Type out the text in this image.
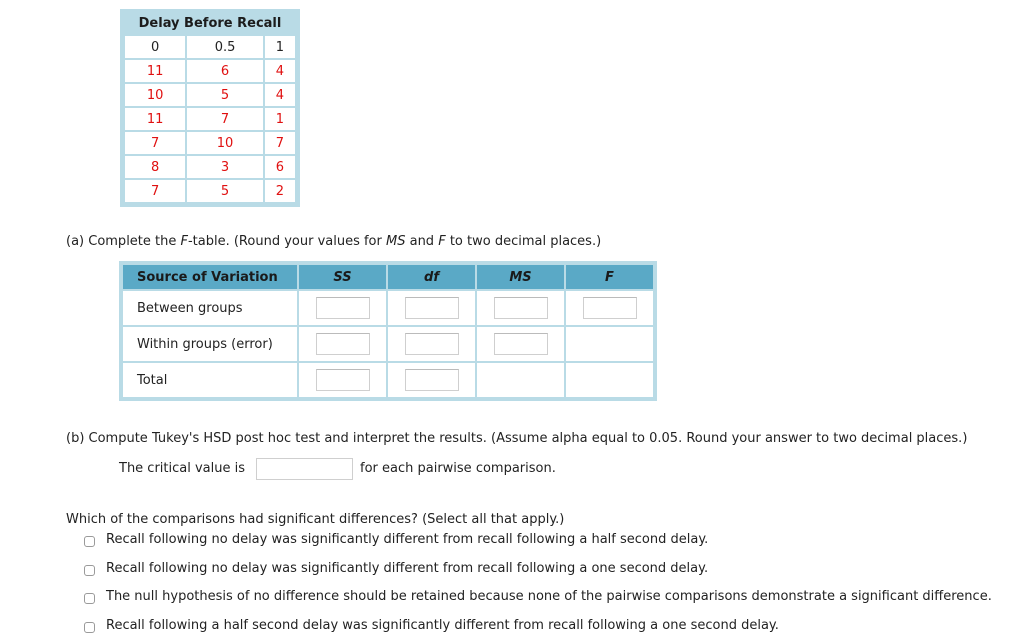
Delay Before Recall
0	0.5	1
11	6	4
10	5	4
11	7	1
7	10	7
8	3	6
7	5	2
(a) Complete the F-table. (Round your values for MS and F to two decimal places.)
Source of Variation	SS	df	MS	F
Between groups	

Within groups (error)	

Total	

(b) Compute Tukey's HSD post hoc test and interpret the results. (Assume alpha equal to 0.05. Round your answer to two decimal places.)
The critical value is	for each pairwise comparison.
Which of the comparisons had significant differences? (Select all that apply.)
Recall following no delay was significantly different from recall following a half second delay.
Recall following no delay was significantly different from recall following a one second delay.
The null hypothesis of no difference should be retained because none of the pairwise comparisons demonstrate a significant difference.
Recall following a half second delay was significantly different from recall following a one second delay.
